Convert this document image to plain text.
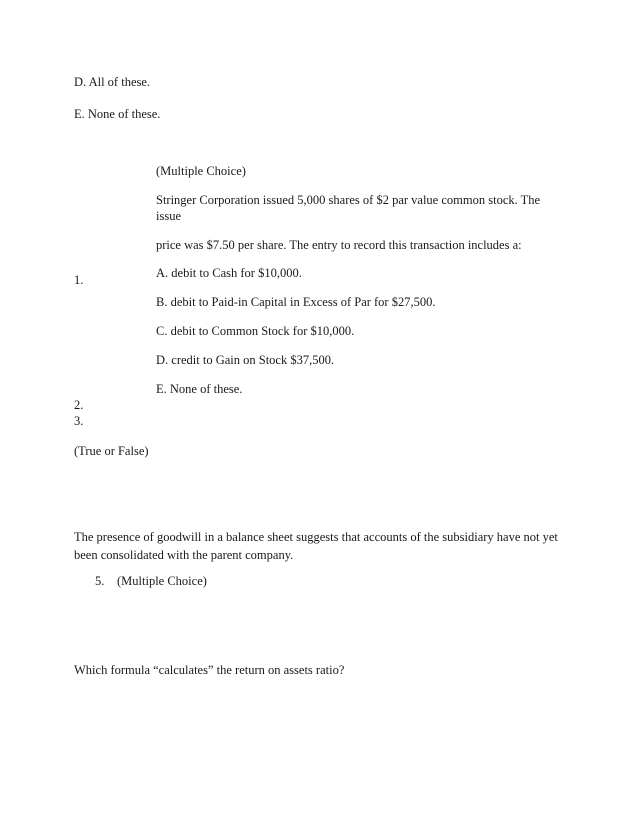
D. All of these.
E. None of these.
(Multiple Choice)
Stringer Corporation issued 5,000 shares of $2 par value common stock. The
issue
price was $7.50 per share. The entry to record this transaction includes a:
1.	A. debit to Cash for $10,000.
B. debit to Paid-in Capital in Excess of Par for $27,500.
C. debit to Common Stock for $10,000.
D. credit to Gain on Stock $37,500.
E. None of these.
2.
3.
(True or False)
The presence of goodwill in a balance sheet suggests that accounts of the subsidiary have not yet been consolidated with the parent company.
5. (Multiple Choice)
Which formula “calculates” the return on assets ratio?
